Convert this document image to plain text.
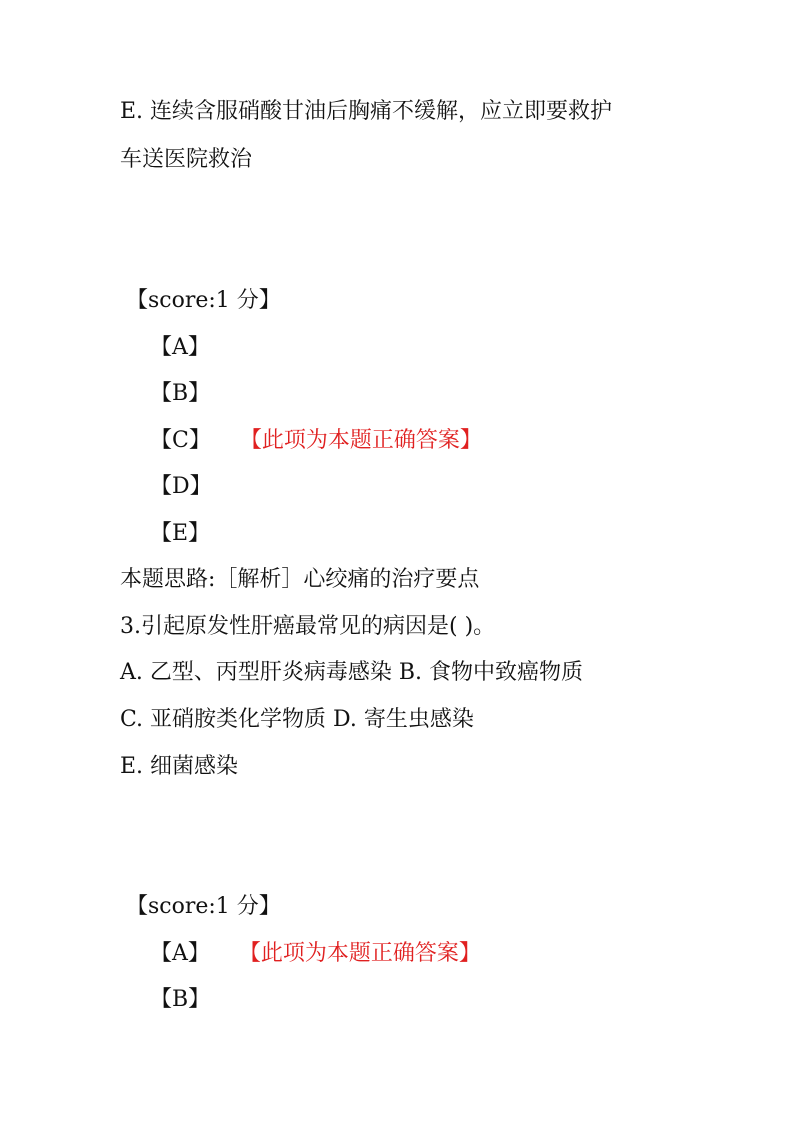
E. 连续含服硝酸甘油后胸痛不缓解，应立即要救护
车送医院救治
【score:1 分】
【A】
【B】
【C】 【此项为本题正确答案】
【D】
【E】
本题思路:［解析］心绞痛的治疗要点
3.引起原发性肝癌最常见的病因是( )。
A. 乙型、丙型肝炎病毒感染 B. 食物中致癌物质
C. 亚硝胺类化学物质 D. 寄生虫感染
E. 细菌感染
【score:1 分】
【A】 【此项为本题正确答案】
【B】
